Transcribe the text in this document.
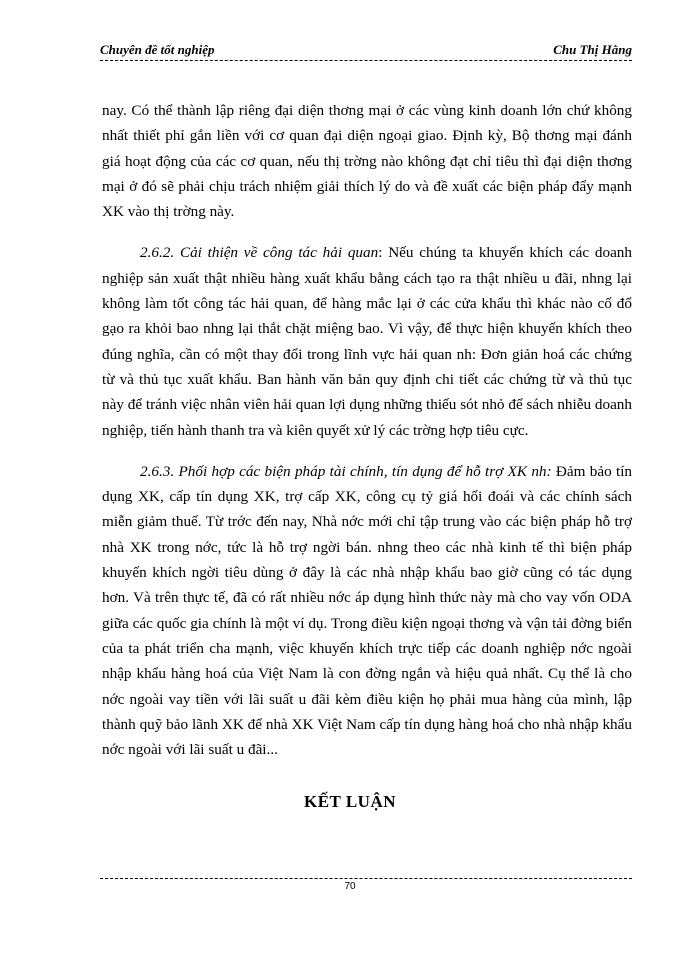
Chuyên đề tốt nghiệp	Chu Thị Hằng

nay. Có thể thành lập riêng đại diện thơng mại ở các vùng kinh doanh lớn chứ không nhất thiết phỉ gắn liền với cơ quan đại diện ngoại giao. Định kỳ, Bộ thơng mại đánh giá hoạt động của các cơ quan, nếu thị trờng nào không đạt chỉ tiêu thì đại diện thơng mại ở đó sẽ phải chịu trách nhiệm giải thích lý do và đề xuất các biện pháp đẩy mạnh XK vào thị trờng này.

2.6.2. Cải thiện về công tác hải quan: Nếu chúng ta khuyến khích các doanh nghiệp sản xuất thật nhiều hàng xuất khẩu bằng cách tạo ra thật nhiều u đãi, nhng lại không làm tốt công tác hải quan, để hàng mắc lại ở các cửa khẩu thì khác nào cố đổ gạo ra khỏi bao nhng lại thắt chặt miệng bao. Vì vậy, để thực hiện khuyến khích theo đúng nghĩa, cần có một thay đổi trong lĩnh vực hải quan nh: Đơn giản hoá các chứng từ và thủ tục xuất khẩu. Ban hành văn bản quy định chi tiết các chứng từ và thủ tục này để tránh việc nhân viên hải quan lợi dụng những thiếu sót nhỏ để sách nhiễu doanh nghiệp, tiến hành thanh tra và kiên quyết xử lý các trờng hợp tiêu cực.

2.6.3. Phối hợp các biện pháp tài chính, tín dụng để hỗ trợ XK nh: Đảm bảo tín dụng XK, cấp tín dụng XK, trợ cấp XK, công cụ tỷ giá hối đoái và các chính sách miễn giảm thuế. Từ trớc đến nay, Nhà nớc mới chỉ tập trung vào các biện pháp hỗ trợ nhà XK trong nớc, tức là hỗ trợ ngời bán. nhng theo các nhà kinh tế thì biện pháp khuyến khích ngời tiêu dùng ở đây là các nhà nhập khẩu bao giờ cũng có tác dụng hơn. Và trên thực tế, đã có rất nhiều nớc áp dụng hình thức này mà cho vay vốn ODA giữa các quốc gia chính là một ví dụ. Trong điều kiện ngoại thơng và vận tải đờng biển của ta phát triển cha mạnh, việc khuyến khích trực tiếp các doanh nghiệp nớc ngoài nhập khẩu hàng hoá của Việt Nam là con đờng ngắn và hiệu quả nhất. Cụ thể là cho nớc ngoài vay tiền với lãi suất u đãi kèm điều kiện họ phải mua hàng của mình, lập thành quỹ bảo lãnh XK để nhà XK Việt Nam cấp tín dụng hàng hoá cho nhà nhập khẩu nớc ngoài với lãi suất u đãi...

KẾT LUẬN
70
